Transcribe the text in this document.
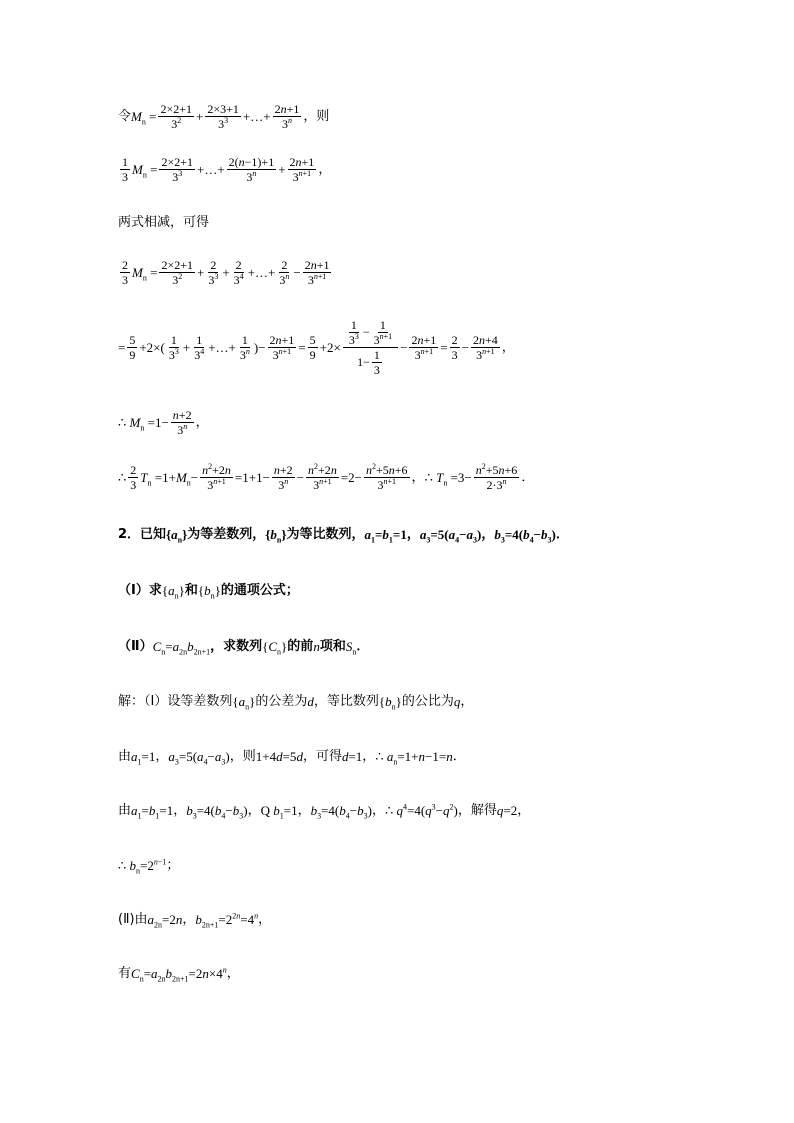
令 $M_n = \frac{2\times 2+1}{3^2} + \frac{2\times 3+1}{3^3}$ +…+ $\frac{2n+1}{3^n}$ ，则
$\frac{1}{3} M_n = \frac{2\times 2+1}{3^3}$ +…+ $\frac{2(n-1)+1}{3^n} + \frac{2n+1}{3^{n+1}}$ ，
两式相减，可得
$\frac{2}{3} M_n = \frac{2\times 2+1}{3^2} + \frac{2}{3^3} + \frac{2}{3^4}$ +…+ $\frac{2}{3^n} - \frac{2n+1}{3^{n+1}}$
= $\frac{5}{9} +2\times( \frac{1}{3^3} + \frac{1}{3^4}$ +…+ $\frac{1}{3^n}$ )− $\frac{2n+1}{3^{n+1}} = \frac{5}{9} +2\times \frac{\frac{1}{3^3} - \frac{1}{3^{n+1}}}{1- \frac{1}{3}} - \frac{2n+1}{3^{n+1}} = \frac{2}{3} - \frac{2n+4}{3^{n+1}}$ ，
∴ $M_n =1- \frac{n+2}{3^n}$ ，
∴ $\frac{2}{3} T_n =1+M_n- \frac{n^2+2n}{3^{n+1}} =1+1- \frac{n+2}{3^n} - \frac{n^2+2n}{3^{n+1}} =2- \frac{n^2+5n+6}{3^{n+1}}$ ， ∴ $T_n =3- \frac{n^2+5n+6}{2\cdot 3^n}$ ．
2．已知 $\{a_n\}$ 为等差数列， $\{b_n\}$ 为等比数列， $a_1=b_1=1$ ， $a_3=5(a_4-a_3)$ ， $b_3=4(b_4-b_3)$ ．
（Ⅰ）求 $\{a_n\}$ 和 $\{b_n\}$ 的通项公式；
（Ⅱ） $C_n=a_{2n}b_{2n+1}$ ，求数列 $\{C_n\}$ 的前 n 项和 $S_n$ ．
解：（Ⅰ）设等差数列 $\{a_n\}$ 的公差为 d ，等比数列 $\{b_n\}$ 的公比为 q ，
由 $a_1=1$ ， $a_3=5(a_4-a_3)$ ，则 1+4d=5d ，可得 d=1 ， ∴ $a_n=1+n-1=n$ ．
由 $a_1=b_1=1$ ， $b_3=4(b_4-b_3)$ ， Q $b_1=1$ ， $b_3=4(b_4-b_3)$ ， ∴ $q^4=4(q^3-q^2)$ ，解得 q=2 ，
∴ $b_n=2^{n-1}$ ；
(Ⅱ)由 $a_{2n}=2n$ ， $b_{2n+1}=2^{2n}=4^n$ ，
有 $C_n=a_{2n}b_{2n+1}=2n\times 4^n$ ，
